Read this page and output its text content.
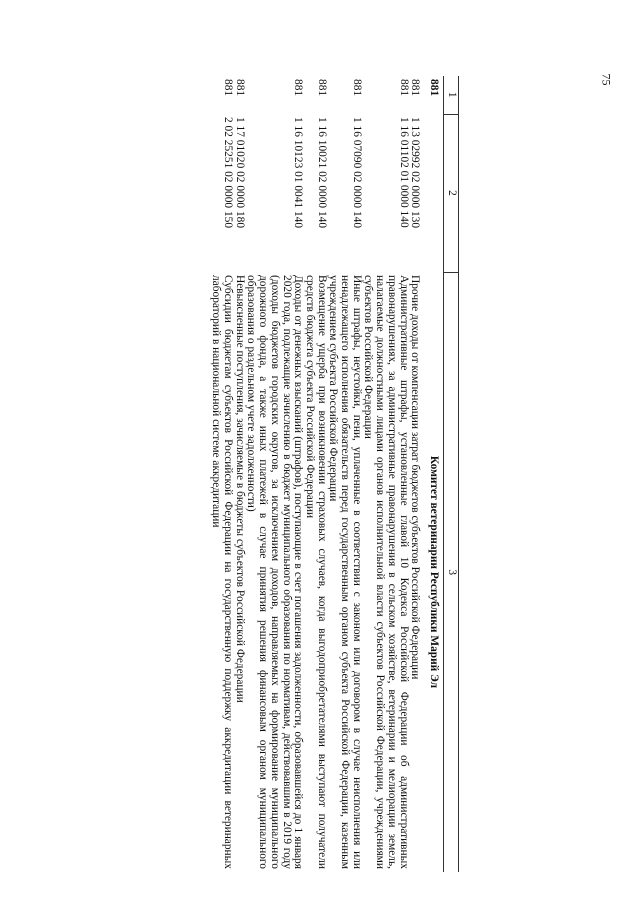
75
1	2	3
881		Комитет ветеринарии Республики Марий Эл
881	1 13 02992 02 0000 130	Прочие доходы от компенсации затрат бюджетов субъектов Российской Федерации
881	1 16 01102 01 0000 140	Административные штрафы, установленные главой 10 Кодекса Российской Федерации об административных правонарушениях, за административные правонарушения в сельском хозяйстве, ветеринарии и мелиорации земель, налагаемые должностными лицами органов исполнительной власти субъектов Российской Федерации, учреждениями субъектов Российской Федерации
881	1 16 07090 02 0000 140	Иные штрафы, неустойки, пени, уплаченные в соответствии с законом или договором в случае неисполнения или ненадлежащего исполнения обязательств перед государственным органом субъекта Российской Федерации, казенным учреждением субъекта Российской Федерации
881	1 16 10021 02 0000 140	Возмещение ущерба при возникновении страховых случаев, когда выгодоприобретателями выступают получатели средств бюджета субъекта Российской Федерации
881	1 16 10123 01 0041 140	Доходы от денежных взысканий (штрафов), поступающие в счет погашения задолженности, образовавшейся до 1 января 2020 года, подлежащие зачислению в бюджет муниципального образования по нормативам, действовавшим в 2019 году (доходы бюджетов городских округов, за исключением доходов, направляемых на формирование муниципального дорожного фонда, а также иных платежей в случае принятия решения финансовым органом муниципального образования о раздельном учете задолженности)
881	1 17 01020 02 0000 180	Невыясненные поступления, зачисляемые в бюджеты субъектов Российской Федерации
881	2 02 25251 02 0000 150	Субсидии бюджетам субъектов Российской Федерации на государственную поддержку аккредитации ветеринарных лабораторий в национальной системе аккредитации
